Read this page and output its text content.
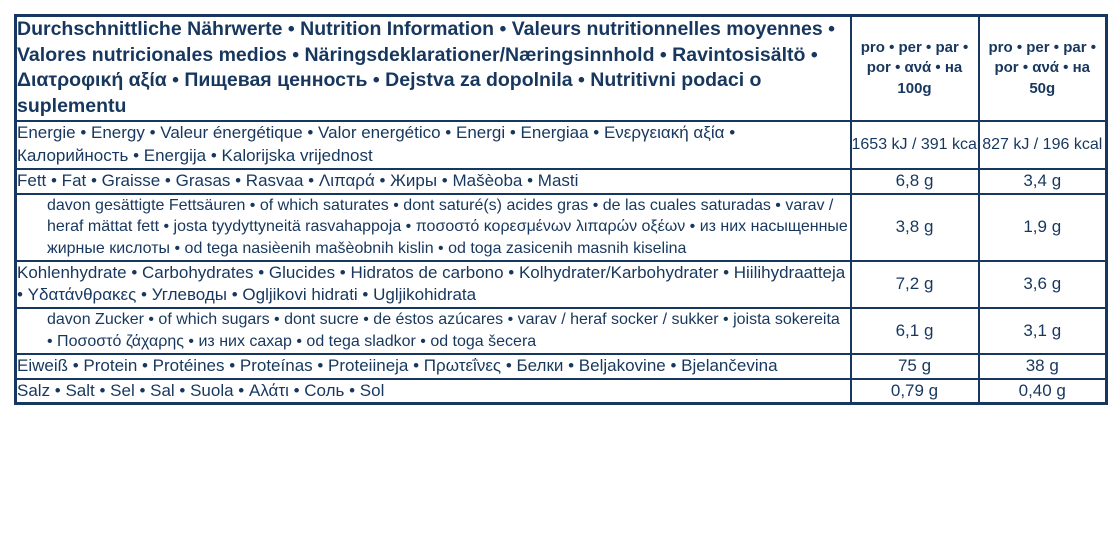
Durchschnittliche Nährwerte • Nutrition Information • Valeurs nutritionnelles moyennes • Valores nutricionales medios • Näringsdeklarationer/Næringsinnhold • Ravintosisältö • Διατροφική αξία • Пищевая ценность • Dejstva za dopolnila • Nutritivni podaci o suplementu	pro • per • par • por • ανά • на 100g	pro • per • par • por • ανά • на 50g
Energie • Energy • Valeur énergétique • Valor energético • Energi • Energiaa • Ενεργειακή αξία • Калорийность • Energija • Kalorijska vrijednost	1653 kJ / 391 kcal	827 kJ / 196 kcal
Fett • Fat • Graisse • Grasas • Rasvaa • Λιπαρά • Жиры • Mašèoba • Masti	6,8 g	3,4 g
davon gesättigte Fettsäuren • of which saturates • dont saturé(s) acides gras • de las cuales saturadas • varav / heraf mättat fett • josta tyydyttyneitä rasvahappoja • ποσοστό κορεσμένων λιπαρών οξέων • из них насыщенные жирные кислоты • od tega nasièenih mašèobnih kislin • od toga zasicenih masnih kiselina	3,8 g	1,9 g
Kohlenhydrate • Carbohydrates • Glucides • Hidratos de carbono • Kolhydrater/Karbohydrater • Hiilihydraatteja • Υδατάνθρακες • Углеводы • Ogljikovi hidrati • Ugljikohidrata	7,2 g	3,6 g
davon Zucker • of which sugars • dont sucre • de éstos azúcares • varav / heraf socker / sukker • joista sokereita • Ποσοστό ζάχαρης • из них сахар • od tega sladkor • od toga šecera	6,1 g	3,1 g
Eiweiß • Protein • Protéines • Proteínas • Proteiineja • Πρωτεΐνες • Белки • Beljakovine • Bjelančevina	75 g	38 g
Salz • Salt • Sel • Sal • Suola • Αλάτι • Соль • Sol	0,79 g	0,40 g
